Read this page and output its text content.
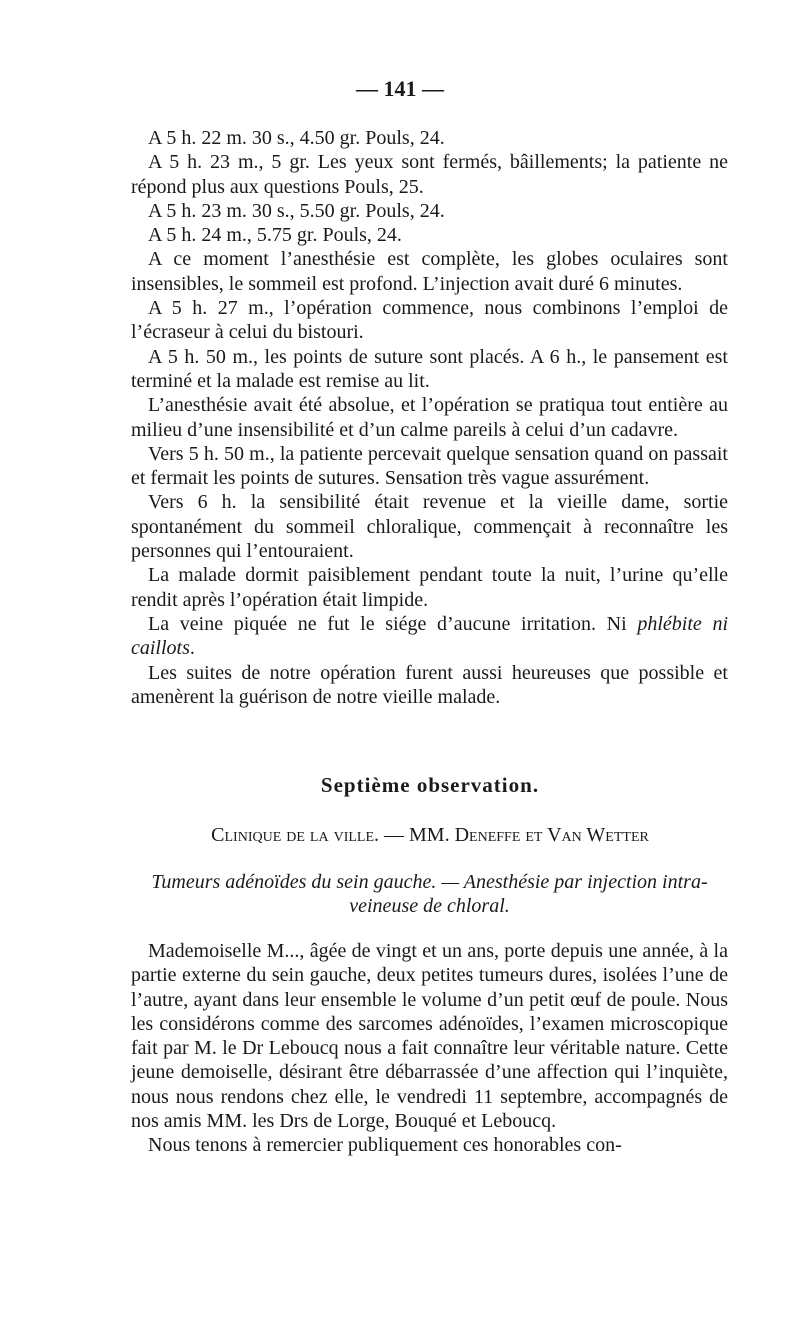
— 141 —

A 5 h. 22 m. 30 s., 4.50 gr. Pouls, 24.

A 5 h. 23 m., 5 gr. Les yeux sont fermés, bâillements; la patiente ne répond plus aux questions Pouls, 25.

A 5 h. 23 m. 30 s., 5.50 gr. Pouls, 24.

A 5 h. 24 m., 5.75 gr. Pouls, 24.

A ce moment l’anesthésie est complète, les globes oculaires sont insensibles, le sommeil est profond. L’injection avait duré 6 minutes.

A 5 h. 27 m., l’opération commence, nous combinons l’emploi de l’écraseur à celui du bistouri.

A 5 h. 50 m., les points de suture sont placés. A 6 h., le pansement est terminé et la malade est remise au lit.

L’anesthésie avait été absolue, et l’opération se pratiqua tout entière au milieu d’une insensibilité et d’un calme pareils à celui d’un cadavre.

Vers 5 h. 50 m., la patiente percevait quelque sensation quand on passait et fermait les points de sutures. Sensation très vague assurément.

Vers 6 h. la sensibilité était revenue et la vieille dame, sortie spontanément du sommeil chloralique, commençait à reconnaître les personnes qui l’entouraient.

La malade dormit paisiblement pendant toute la nuit, l’urine qu’elle rendit après l’opération était limpide.

La veine piquée ne fut le siége d’aucune irritation. Ni phlébite ni caillots.

Les suites de notre opération furent aussi heureuses que possible et amenèrent la guérison de notre vieille malade.

Septième observation.
Clinique de la ville. — MM. Deneffe et Van Wetter
Tumeurs adénoïdes du sein gauche. — Anesthésie par injection intra-veineuse de chloral.

Mademoiselle M..., âgée de vingt et un ans, porte depuis une année, à la partie externe du sein gauche, deux petites tumeurs dures, isolées l’une de l’autre, ayant dans leur ensemble le volume d’un petit œuf de poule. Nous les considérons comme des sarcomes adénoïdes, l’examen microscopique fait par M. le Dr Leboucq nous a fait connaître leur véritable nature. Cette jeune demoiselle, désirant être débarrassée d’une affection qui l’inquiète, nous nous rendons chez elle, le vendredi 11 septembre, accompagnés de nos amis MM. les Drs de Lorge, Bouqué et Leboucq.

Nous tenons à remercier publiquement ces honorables con-
